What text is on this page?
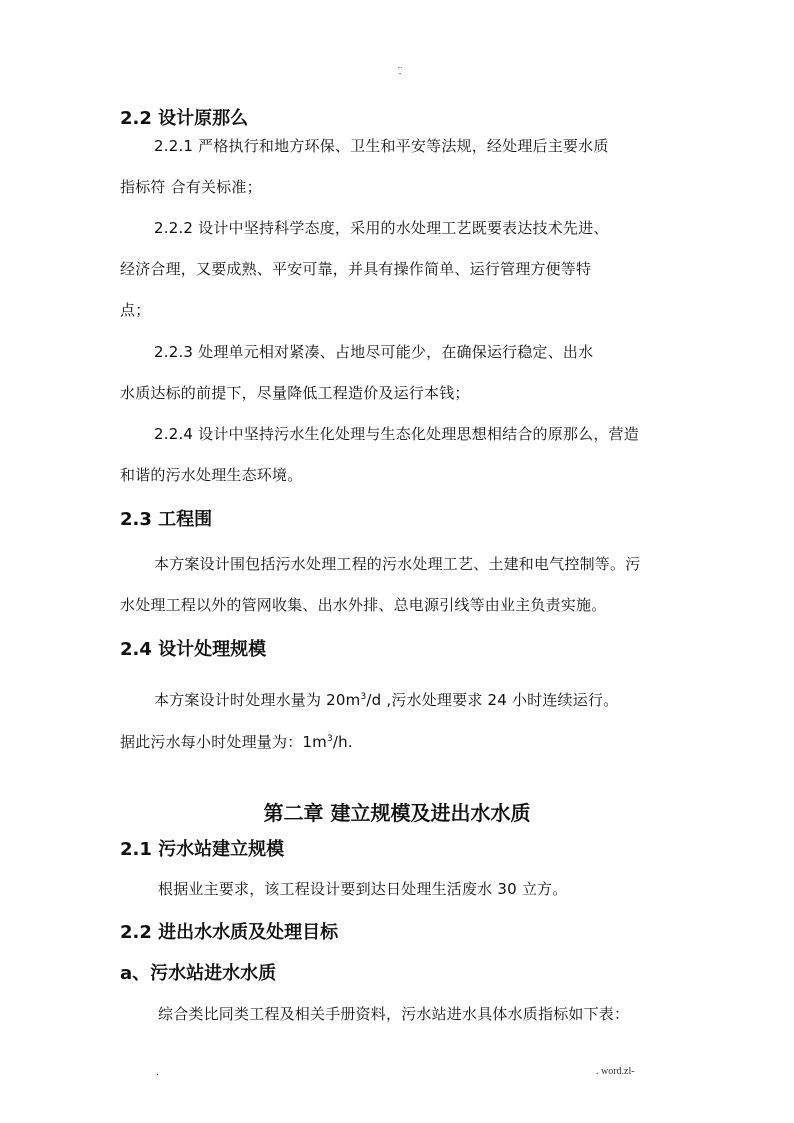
..
-
2.2 设计原那么
2.2.1 严格执行和地方环保、卫生和平安等法规，经处理后主要水质
指标符 合有关标准；
2.2.2 设计中坚持科学态度，采用的水处理工艺既要表达技术先进、
经济合理，又要成熟、平安可靠，并具有操作简单、运行管理方便等特
点；
2.2.3 处理单元相对紧凑、占地尽可能少，在确保运行稳定、出水
水质达标的前提下，尽量降低工程造价及运行本钱；
2.2.4 设计中坚持污水生化处理与生态化处理思想相结合的原那么，营造
和谐的污水处理生态环境。
2.3 工程围
本方案设计围包括污水处理工程的污水处理工艺、土建和电气控制等。污
水处理工程以外的管网收集、出水外排、总电源引线等由业主负责实施。
2.4 设计处理规模
本方案设计时处理水量为 $20m^3/d$ ,污水处理要求 24 小时连续运行。
据此污水每小时处理量为：$1m^3/h$.
第二章 建立规模及进出水水质
2.1 污水站建立规模
根据业主要求，该工程设计要到达日处理生活废水 30 立方。
2.2 进出水水质及处理目标
a、污水站进水水质
综合类比同类工程及相关手册资料，污水站进水具体水质指标如下表：
.	. word.zl-
